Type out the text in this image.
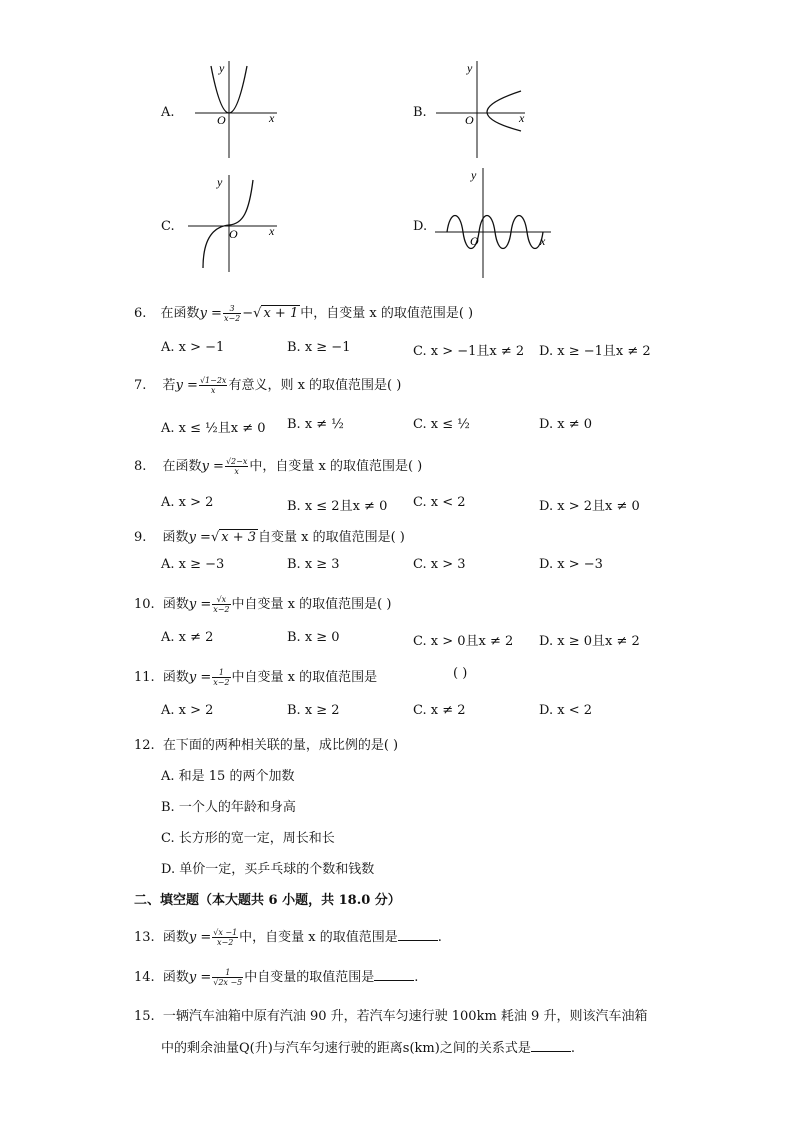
A.
y
O	x	B.
y
O	x
C.
y
O	x	D.
y
O	x
6. 在函数$y = \frac{3}{x-2}$ −√ x + 1 中，自变量 x 的取值范围是( )
A. x > −1	B. x ≥ −1	C. x > −1且x ≠ 2 D. x ≥ −1且x ≠ 2
7. 若$y = \frac{√1-2x}{x}$ 有意义，则 x 的取值范围是( )
A. x ≤ ½且x ≠ 0 B. x ≠ ½	C. x ≤ ½	D. x ≠ 0
8. 在函数$y = \frac{√2-x}{x}$ 中，自变量 x 的取值范围是( )
A. x > 2	B. x ≤ 2且x ≠ 0 C. x < 2	D. x > 2且x ≠ 0
9. 函数y =√ x + 3 自变量 x 的取值范围是( )
A. x ≥ −3	B. x ≥ 3	C. x > 3	D. x > −3
10. 函数$y = \frac{√x}{x-2}$ 中自变量 x 的取值范围是( )
A. x ≠ 2	B. x ≥ 0	C. x > 0且x ≠ 2 D. x ≥ 0且x ≠ 2
11. 函数$y = \frac{1}{x-2}$ 中自变量 x 的取值范围是	( )
A. x > 2	B. x ≥ 2	C. x ≠ 2	D. x < 2
12. 在下面的两种相关联的量，成比例的是( )
A. 和是 15 的两个加数
B. 一个人的年龄和身高
C. 长方形的宽一定，周长和长
D. 单价一定，买乒乓球的个数和钱数
二、填空题（本大题共 6 小题，共 18.0 分）
13. 函数$y = \frac{√x -1}{x-2}$ 中，自变量 x 的取值范围是	.
14. 函数$y = \frac{1}{√2x -5}$ 中自变量的取值范围是	.
15. 一辆汽车油箱中原有汽油 90 升，若汽车匀速行驶 100km 耗油 9 升，则该汽车油箱
中的剩余油量Q(升)与汽车匀速行驶的距离s(km)之间的关系式是	.
